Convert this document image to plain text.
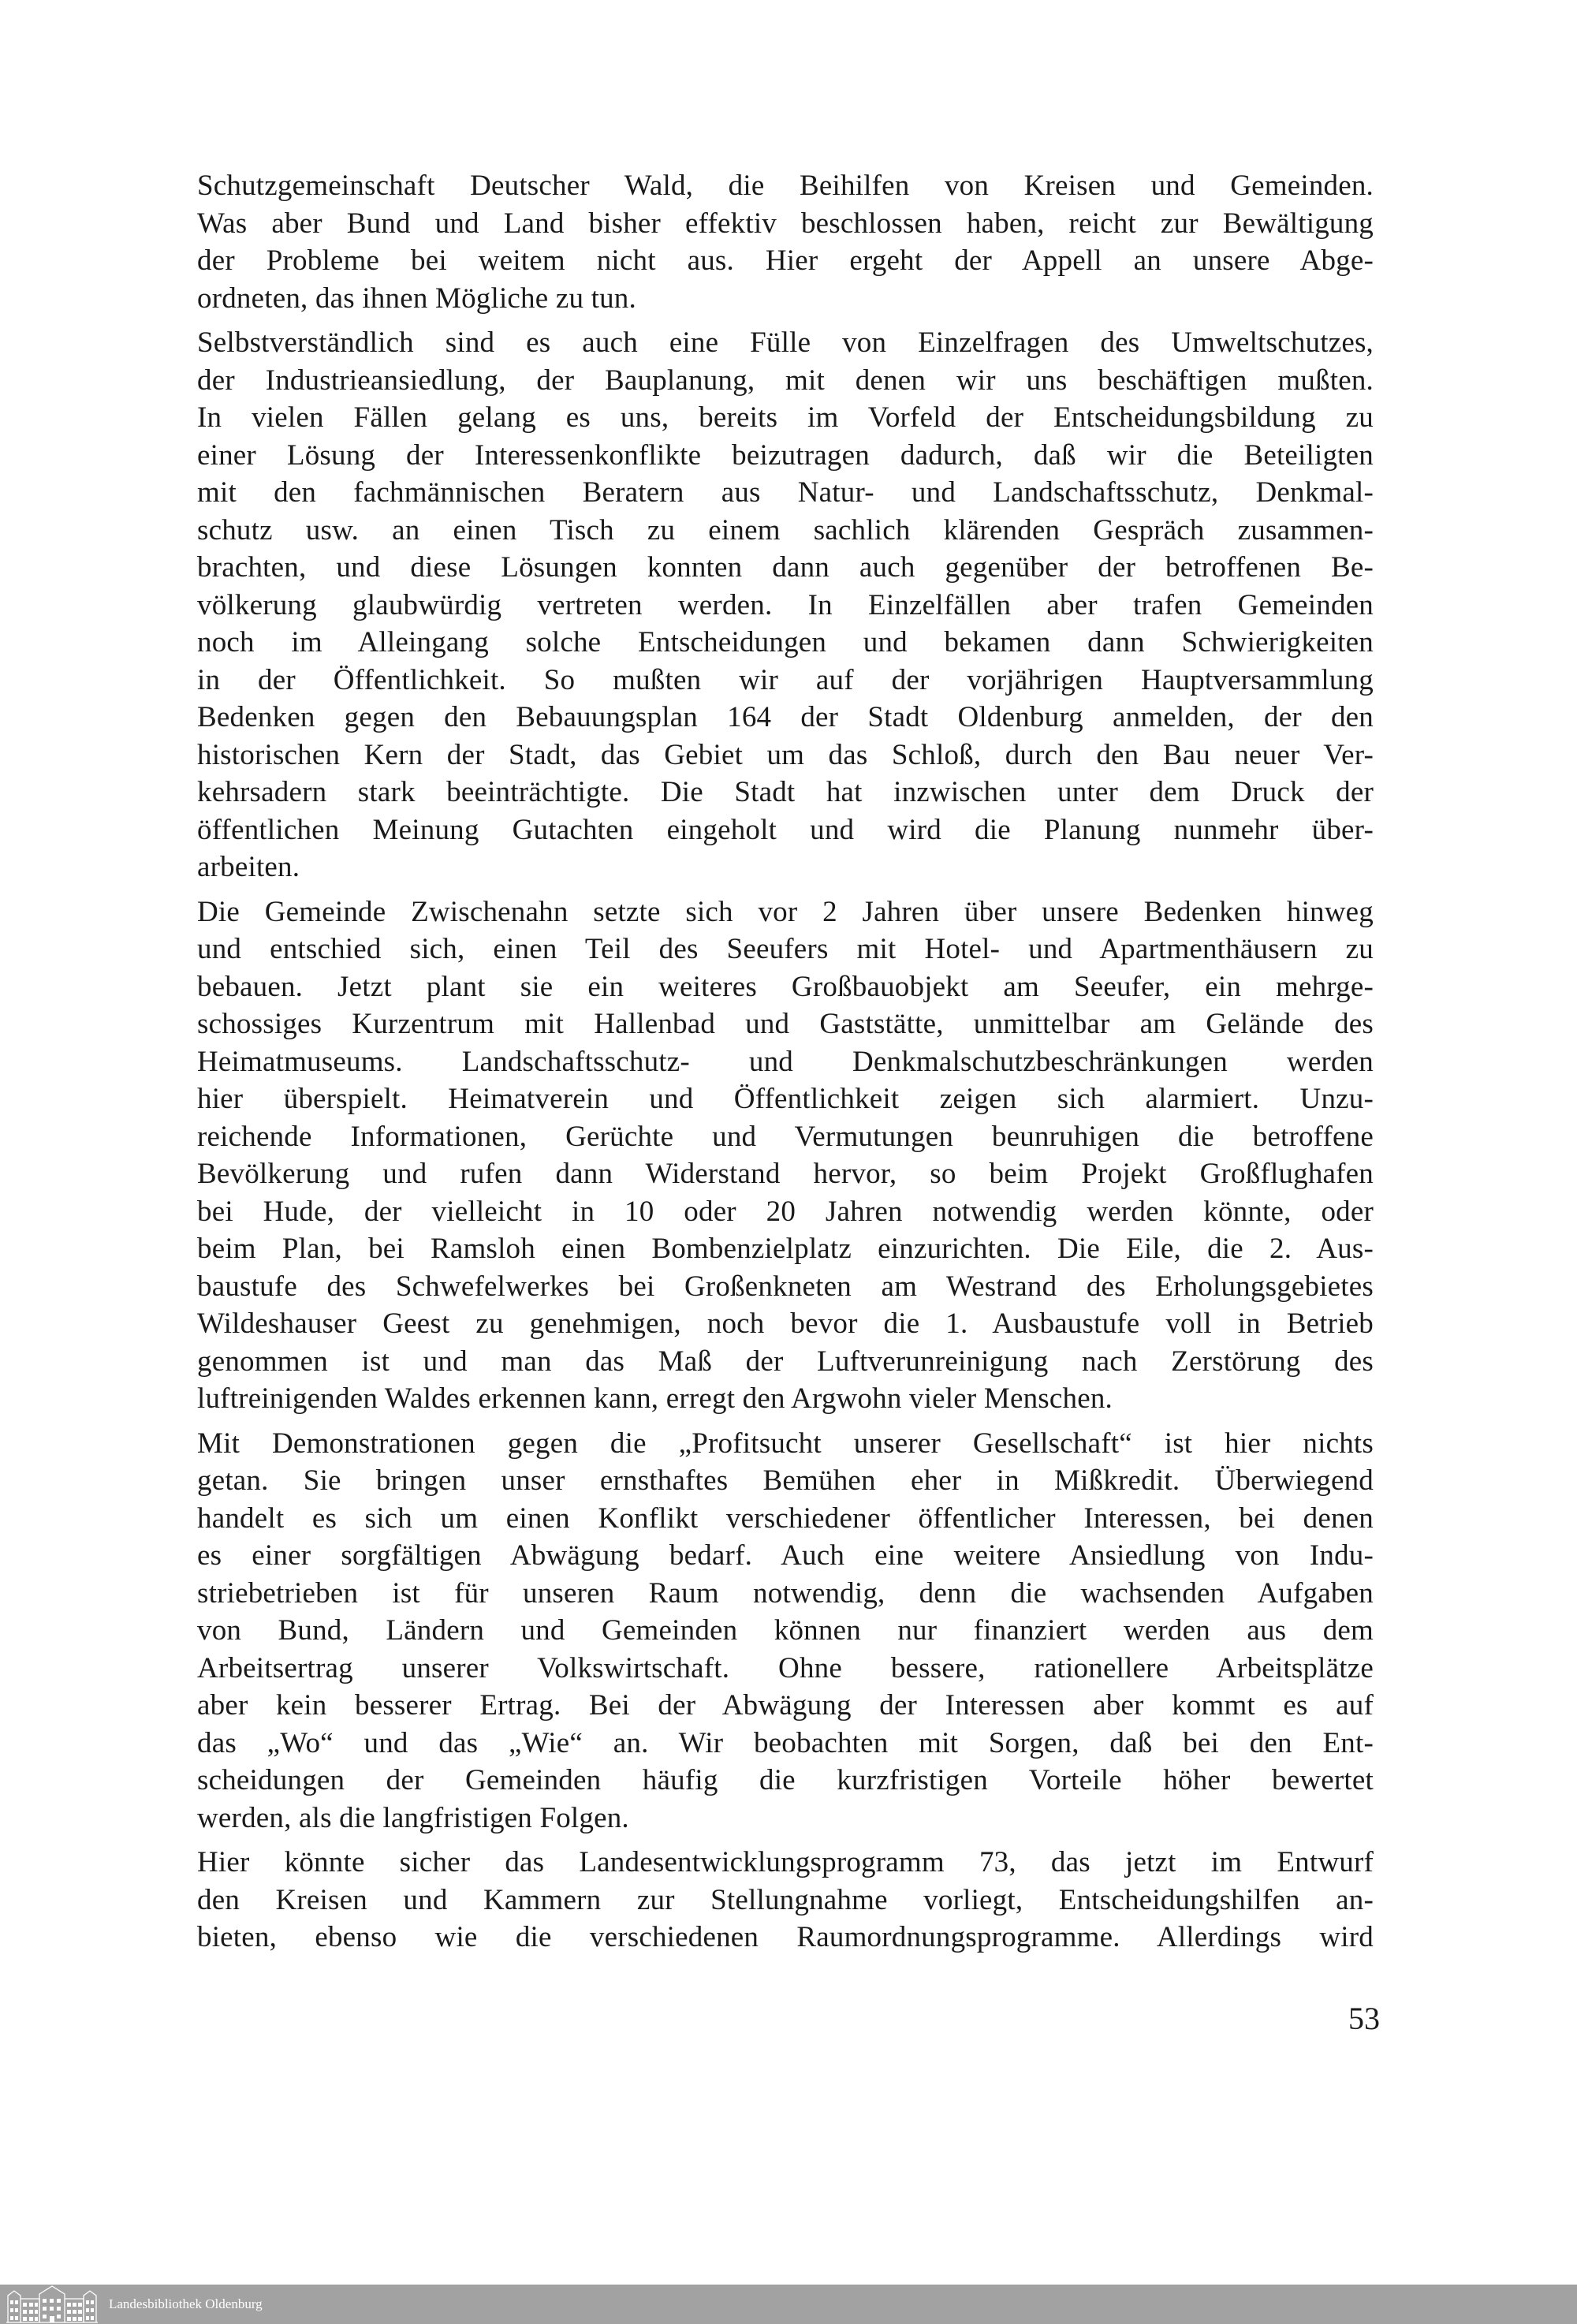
Schutzgemeinschaft Deutscher Wald, die Beihilfen von Kreisen und Gemeinden.
Was aber Bund und Land bisher effektiv beschlossen haben, reicht zur Bewältigung
der Probleme bei weitem nicht aus. Hier ergeht der Appell an unsere Abge-
ordneten, das ihnen Mögliche zu tun.

Selbstverständlich sind es auch eine Fülle von Einzelfragen des Umweltschutzes,
der Industrieansiedlung, der Bauplanung, mit denen wir uns beschäftigen mußten.
In vielen Fällen gelang es uns, bereits im Vorfeld der Entscheidungsbildung zu
einer Lösung der Interessenkonflikte beizutragen dadurch, daß wir die Beteiligten
mit den fachmännischen Beratern aus Natur- und Landschaftsschutz, Denkmal-
schutz usw. an einen Tisch zu einem sachlich klärenden Gespräch zusammen-
brachten, und diese Lösungen konnten dann auch gegenüber der betroffenen Be-
völkerung glaubwürdig vertreten werden. In Einzelfällen aber trafen Gemeinden
noch im Alleingang solche Entscheidungen und bekamen dann Schwierigkeiten
in der Öffentlichkeit. So mußten wir auf der vorjährigen Hauptversammlung
Bedenken gegen den Bebauungsplan 164 der Stadt Oldenburg anmelden, der den
historischen Kern der Stadt, das Gebiet um das Schloß, durch den Bau neuer Ver-
kehrsadern stark beeinträchtigte. Die Stadt hat inzwischen unter dem Druck der
öffentlichen Meinung Gutachten eingeholt und wird die Planung nunmehr über-
arbeiten.

Die Gemeinde Zwischenahn setzte sich vor 2 Jahren über unsere Bedenken hinweg
und entschied sich, einen Teil des Seeufers mit Hotel- und Apartmenthäusern zu
bebauen. Jetzt plant sie ein weiteres Großbauobjekt am Seeufer, ein mehrge-
schossiges Kurzentrum mit Hallenbad und Gaststätte, unmittelbar am Gelände des
Heimatmuseums. Landschaftsschutz- und Denkmalschutzbeschränkungen werden
hier überspielt. Heimatverein und Öffentlichkeit zeigen sich alarmiert. Unzu-
reichende Informationen, Gerüchte und Vermutungen beunruhigen die betroffene
Bevölkerung und rufen dann Widerstand hervor, so beim Projekt Großflughafen
bei Hude, der vielleicht in 10 oder 20 Jahren notwendig werden könnte, oder
beim Plan, bei Ramsloh einen Bombenzielplatz einzurichten. Die Eile, die 2. Aus-
baustufe des Schwefelwerkes bei Großenkneten am Westrand des Erholungsgebietes
Wildeshauser Geest zu genehmigen, noch bevor die 1. Ausbaustufe voll in Betrieb
genommen ist und man das Maß der Luftverunreinigung nach Zerstörung des
luftreinigenden Waldes erkennen kann, erregt den Argwohn vieler Menschen.

Mit Demonstrationen gegen die „Profitsucht unserer Gesellschaft“ ist hier nichts
getan. Sie bringen unser ernsthaftes Bemühen eher in Mißkredit. Überwiegend
handelt es sich um einen Konflikt verschiedener öffentlicher Interessen, bei denen
es einer sorgfältigen Abwägung bedarf. Auch eine weitere Ansiedlung von Indu-
striebetrieben ist für unseren Raum notwendig, denn die wachsenden Aufgaben
von Bund, Ländern und Gemeinden können nur finanziert werden aus dem
Arbeitsertrag unserer Volkswirtschaft. Ohne bessere, rationellere Arbeitsplätze
aber kein besserer Ertrag. Bei der Abwägung der Interessen aber kommt es auf
das „Wo“ und das „Wie“ an. Wir beobachten mit Sorgen, daß bei den Ent-
scheidungen der Gemeinden häufig die kurzfristigen Vorteile höher bewertet
werden, als die langfristigen Folgen.

Hier könnte sicher das Landesentwicklungsprogramm 73, das jetzt im Entwurf
den Kreisen und Kammern zur Stellungnahme vorliegt, Entscheidungshilfen an-
bieten, ebenso wie die verschiedenen Raumordnungsprogramme. Allerdings wird

53
Landesbibliothek Oldenburg
